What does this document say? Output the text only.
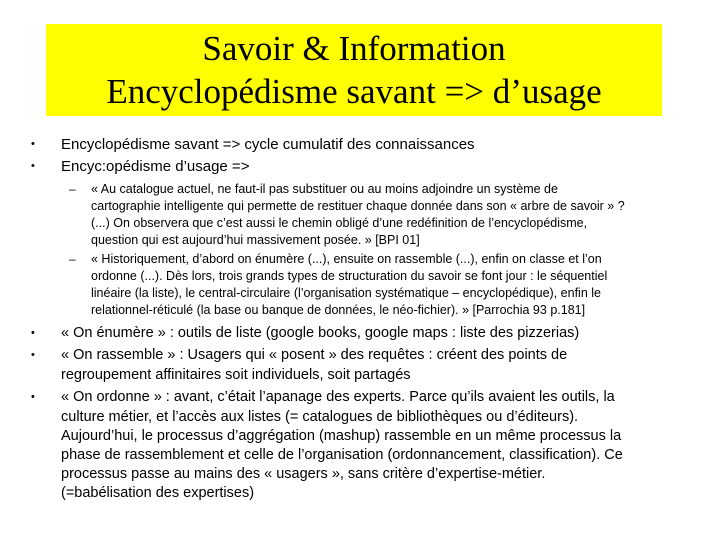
Savoir & Information
Encyclopédisme savant => d’usage
• Encyclopédisme savant => cycle cumulatif des connaissances
• Encyc:opédisme d’usage =>
– « Au catalogue actuel, ne faut-il pas substituer ou au moins adjoindre un système de
cartographie intelligente qui permette de restituer chaque donnée dans son « arbre de savoir » ?
(...) On observera que c’est aussi le chemin obligé d’une redéfinition de l’encyclopédisme,
question qui est aujourd’hui massivement posée. » [BPI 01]
– « Historiquement, d’abord on énumère (...), ensuite on rassemble (...), enfin on classe et l’on
ordonne (...). Dès lors, trois grands types de structuration du savoir se font jour : le séquentiel
linéaire (la liste), le central-circulaire (l’organisation systématique – encyclopédique), enfin le
relationnel-réticulé (la base ou banque de données, le néo-fichier). » [Parrochia 93 p.181]
• « On énumère » : outils de liste (google books, google maps : liste des pizzerias)
• « On rassemble » : Usagers qui « posent » des requêtes : créent des points de
regroupement affinitaires soit individuels, soit partagés
• « On ordonne » : avant, c’était l’apanage des experts. Parce qu’ils avaient les outils, la
culture métier, et l’accès aux listes (= catalogues de bibliothèques ou d’éditeurs).
Aujourd’hui, le processus d’aggrégation (mashup) rassemble en un même processus la
phase de rassemblement et celle de l’organisation (ordonnancement, classification). Ce
processus passe au mains des « usagers », sans critère d’expertise-métier.
(=babélisation des expertises)
